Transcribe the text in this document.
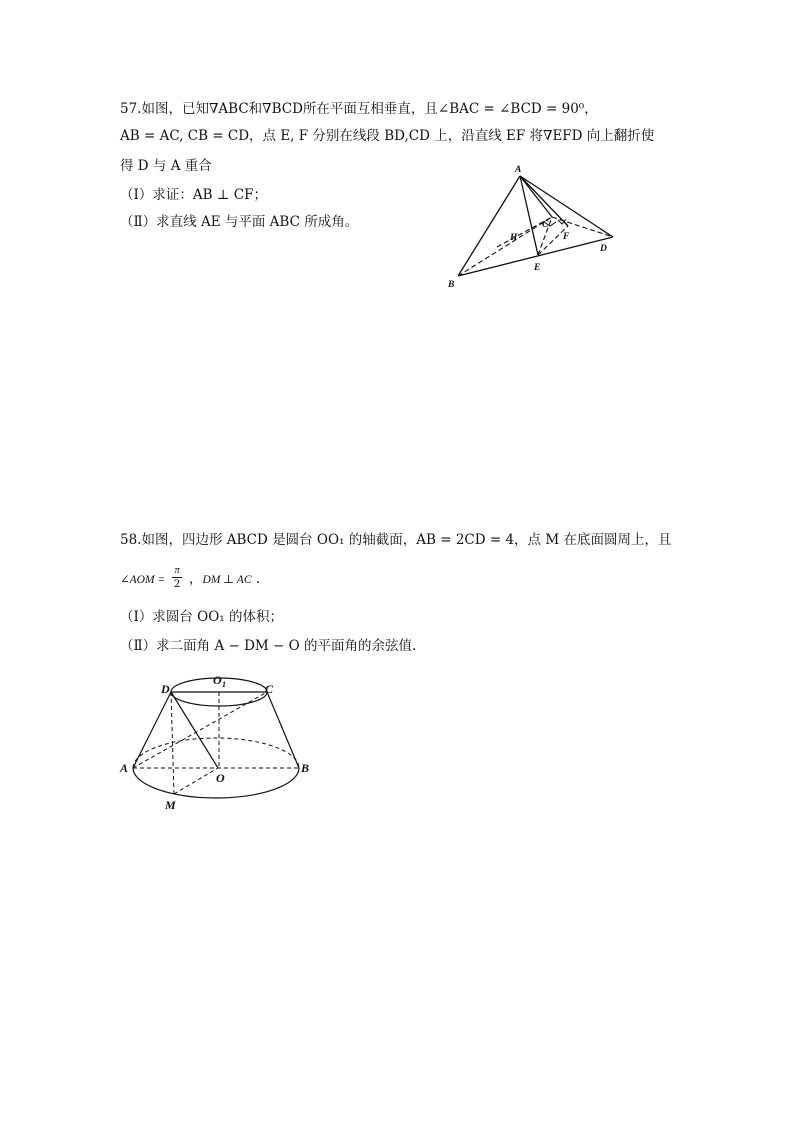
57.如图，已知∇ABC和∇BCD所在平面互相垂直，且∠BAC = ∠BCD = 90⁰，
AB = AC, CB = CD，点 E, F 分别在线段 BD,CD 上，沿直线 EF 将∇EFD 向上翻折使
得 D 与 A 重合
（Ⅰ）求证：AB ⊥ CF；
（Ⅱ）求直线 AE 与平面 ABC 所成角。
A
B
C
D
E
F
H
58.如图，四边形 ABCD 是圆台 OO₁ 的轴截面，AB = 2CD = 4，点 M 在底面圆周上，且
∠AOM = $\frac{\pi}{2}$ ，DM ⊥ AC .
（Ⅰ）求圆台 OO₁ 的体积；
（Ⅱ）求二面角 A − DM − O 的平面角的余弦值.
D
O 1	C
A
O
B
M
